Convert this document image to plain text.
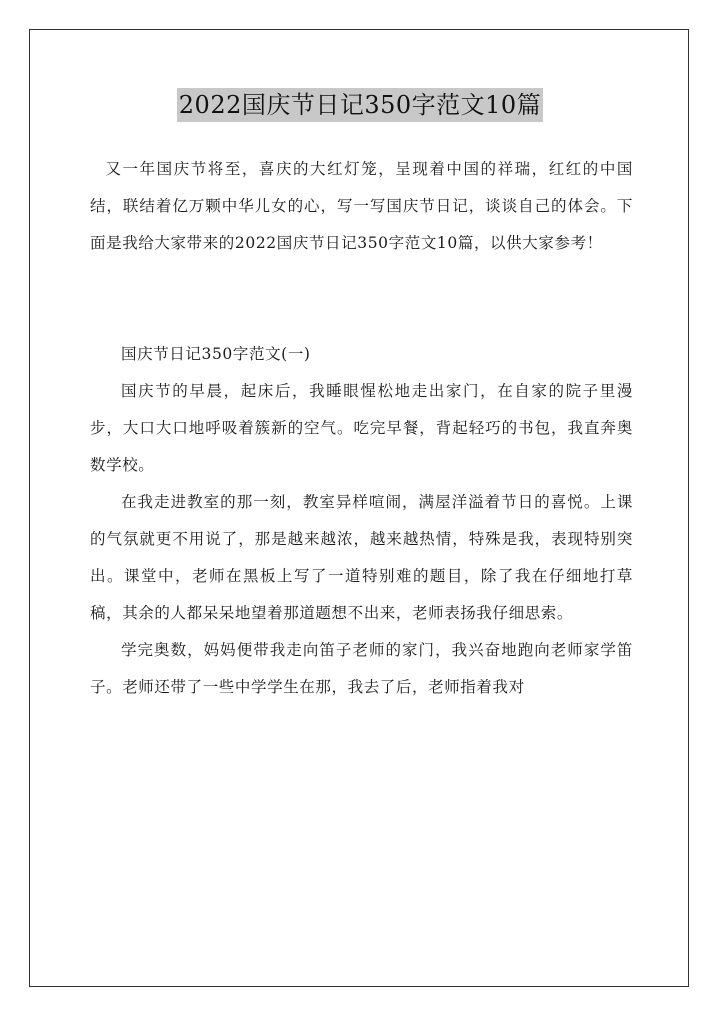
2022国庆节日记350字范文10篇

又一年国庆节将至，喜庆的大红灯笼，呈现着中国的祥瑞，红红的中国结，联结着亿万颗中华儿女的心，写一写国庆节日记，谈谈自己的体会。下面是我给大家带来的2022国庆节日记350字范文10篇，以供大家参考！

国庆节日记350字范文(一)

国庆节的早晨，起床后，我睡眼惺松地走出家门，在自家的院子里漫步，大口大口地呼吸着簇新的空气。吃完早餐，背起轻巧的书包，我直奔奥数学校。

在我走进教室的那一刻，教室异样喧闹，满屋洋溢着节日的喜悦。上课的气氛就更不用说了，那是越来越浓，越来越热情，特殊是我，表现特别突出。课堂中，老师在黑板上写了一道特别难的题目，除了我在仔细地打草稿，其余的人都呆呆地望着那道题想不出来，老师表扬我仔细思索。

学完奥数，妈妈便带我走向笛子老师的家门，我兴奋地跑向老师家学笛子。老师还带了一些中学学生在那，我去了后，老师指着我对
